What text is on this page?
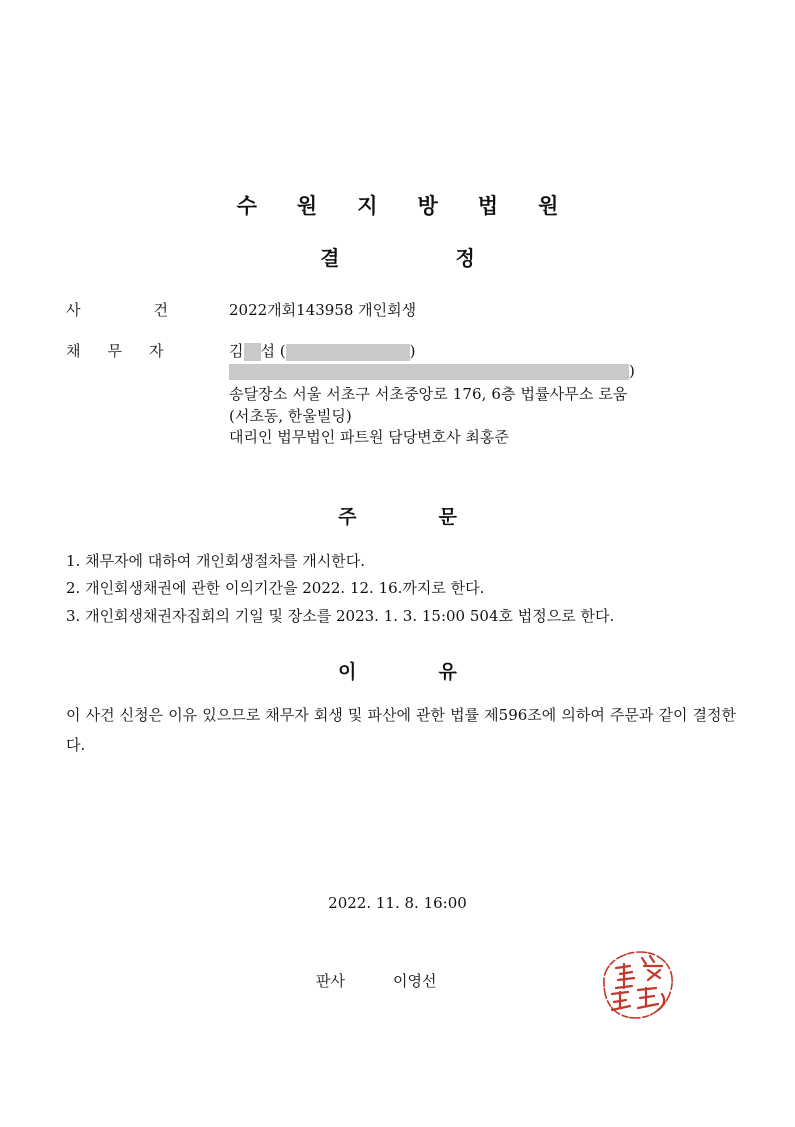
수 원 지 방 법 원
결	정
사	건	2022개회143958 개인회생
채 무 자	김 섭 (	)
)
송달장소 서울 서초구 서초중앙로 176, 6층 법률사무소 로움
(서초동, 한울빌딩)
대리인 법무법인 파트원 담당변호사 최홍준
주	문
1. 채무자에 대하여 개인회생절차를 개시한다.
2. 개인회생채권에 관한 이의기간을 2022. 12. 16.까지로 한다.
3. 개인회생채권자집회의 기일 및 장소를 2023. 1. 3. 15:00 504호 법정으로 한다.
이	유
이 사건 신청은 이유 있으므로 채무자 회생 및 파산에 관한 법률 제596조에 의하여 주문과 같이 결정한다.
2022. 11. 8. 16:00
판사	이영선
